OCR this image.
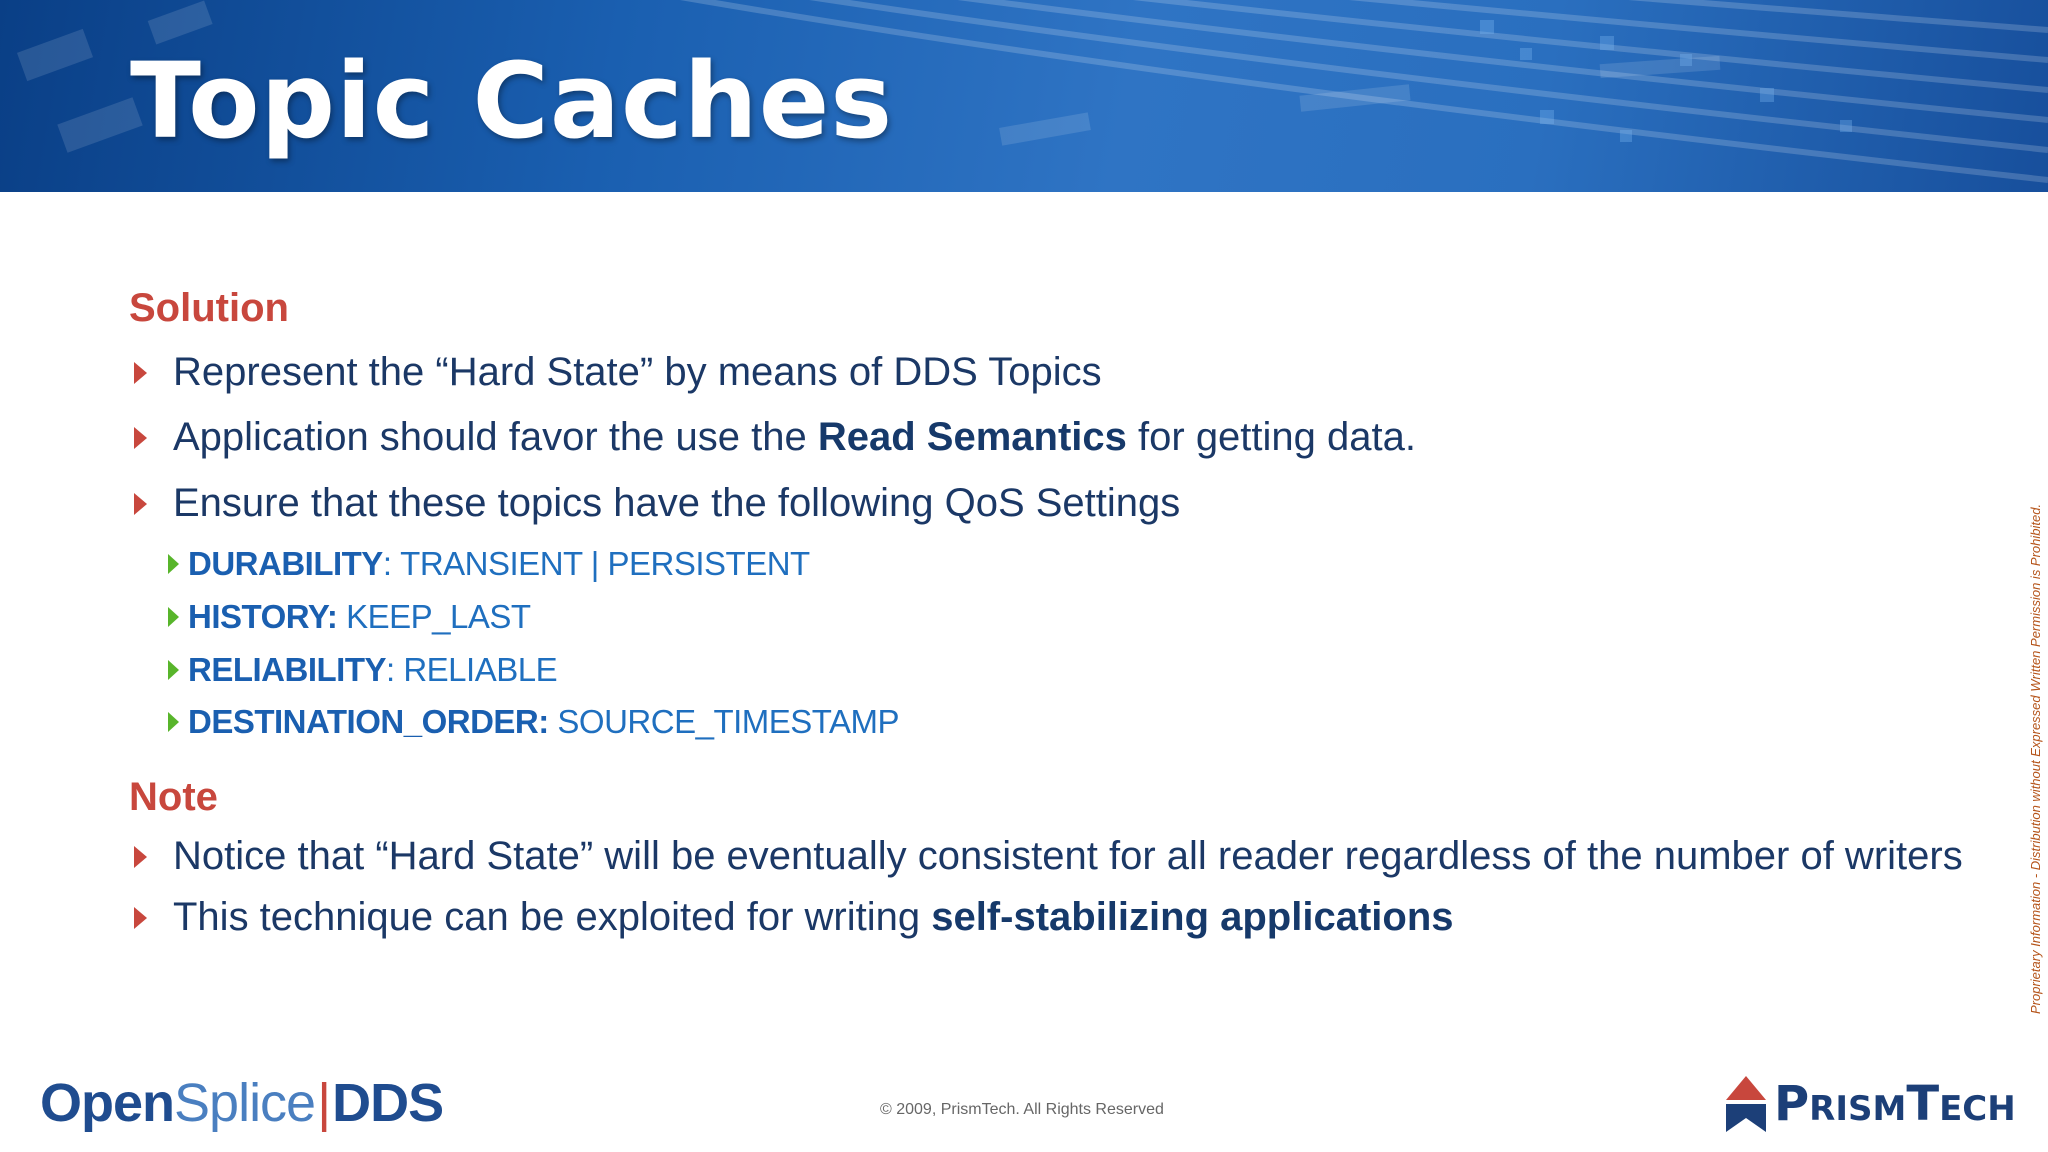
Topic Caches
Solution
Represent the “Hard State” by means of DDS Topics
Application should favor the use the Read Semantics for getting data.
Ensure that these topics have the following QoS Settings
DURABILITY : TRANSIENT | PERSISTENT
HISTORY:
KEEP_LAST
RELIABILITY : RELIABLE
DESTINATION_ORDER:
SOURCE_TIMESTAMP
Note
Notice that “Hard State” will be eventually consistent for all reader regardless of the number of writers
This technique can be exploited for writing self-stabilizing applications	Proprietary Information - Distribution without Expressed Written Permission is Prohibited.
OpenSplice|DDS	© 2009, PrismTech. All Rights Reserved	PrismTech
